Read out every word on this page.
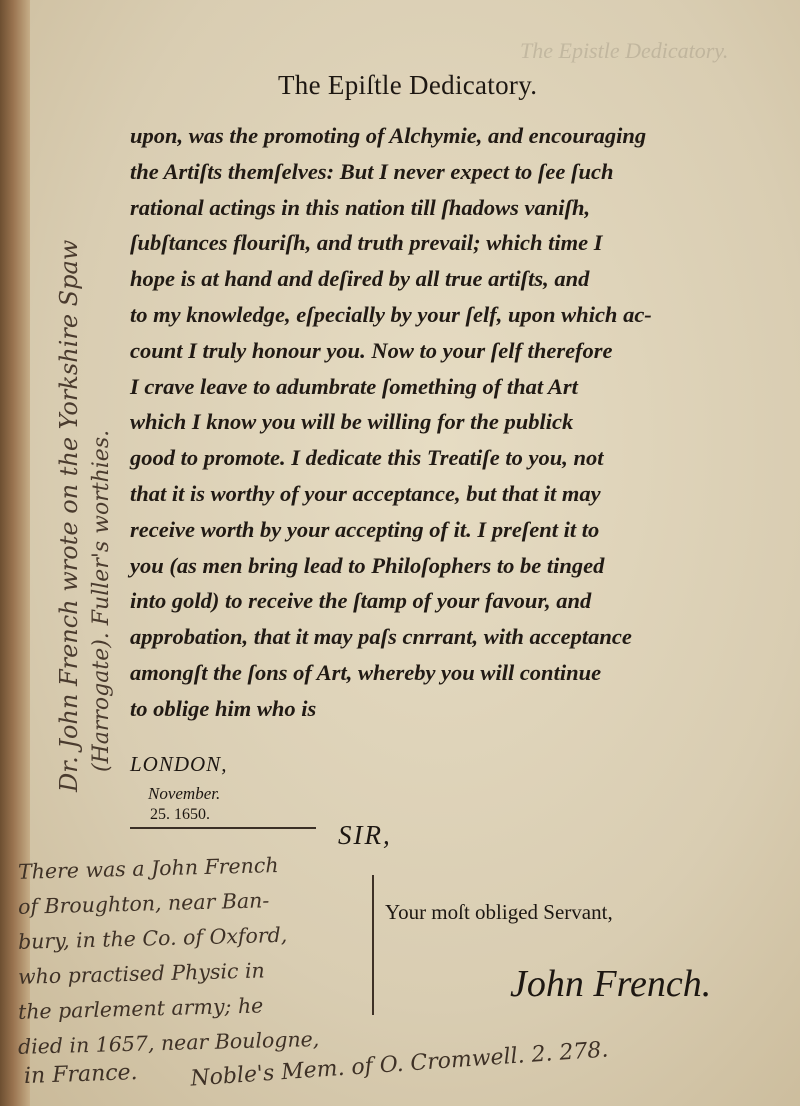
The Epistle Dedicatory.
The Epiſtle Dedicatory.
upon, was the promoting of Alchymie, and encouraging
the Artiſts themſelves: But I never expect to ſee ſuch
rational actings in this nation till ſhadows vaniſh,
ſubſtances flouriſh, and truth prevail; which time I
hope is at hand and deſired by all true artiſts, and
to my knowledge, eſpecially by your ſelf, upon which ac-
count I truly honour you. Now to your ſelf therefore
I crave leave to adumbrate ſomething of that Art
which I know you will be willing for the publick
good to promote. I dedicate this Treatiſe to you, not
that it is worthy of your acceptance, but that it may
receive worth by your accepting of it. I preſent it to
you (as men bring lead to Philoſophers to be tinged
into gold) to receive the ſtamp of your favour, and
approbation, that it may paſs cnrrant, with acceptance
amongſt the ſons of Art, whereby you will continue
to oblige him who is
LONDON,
November.
25. 1650.
SIR,
Your moſt obliged Servant,
John French.
Dr. John French wrote on the Yorkshire Spaw (Harrogate). Fuller's worthies.
There was a John French
of Broughton, near Ban-
bury, in the Co. of Oxford,
who practised Physic in
the parlement army; he
died in 1657, near Boulogne,
in France. Noble's Mem. of O. Cromwell. 2. 278.
